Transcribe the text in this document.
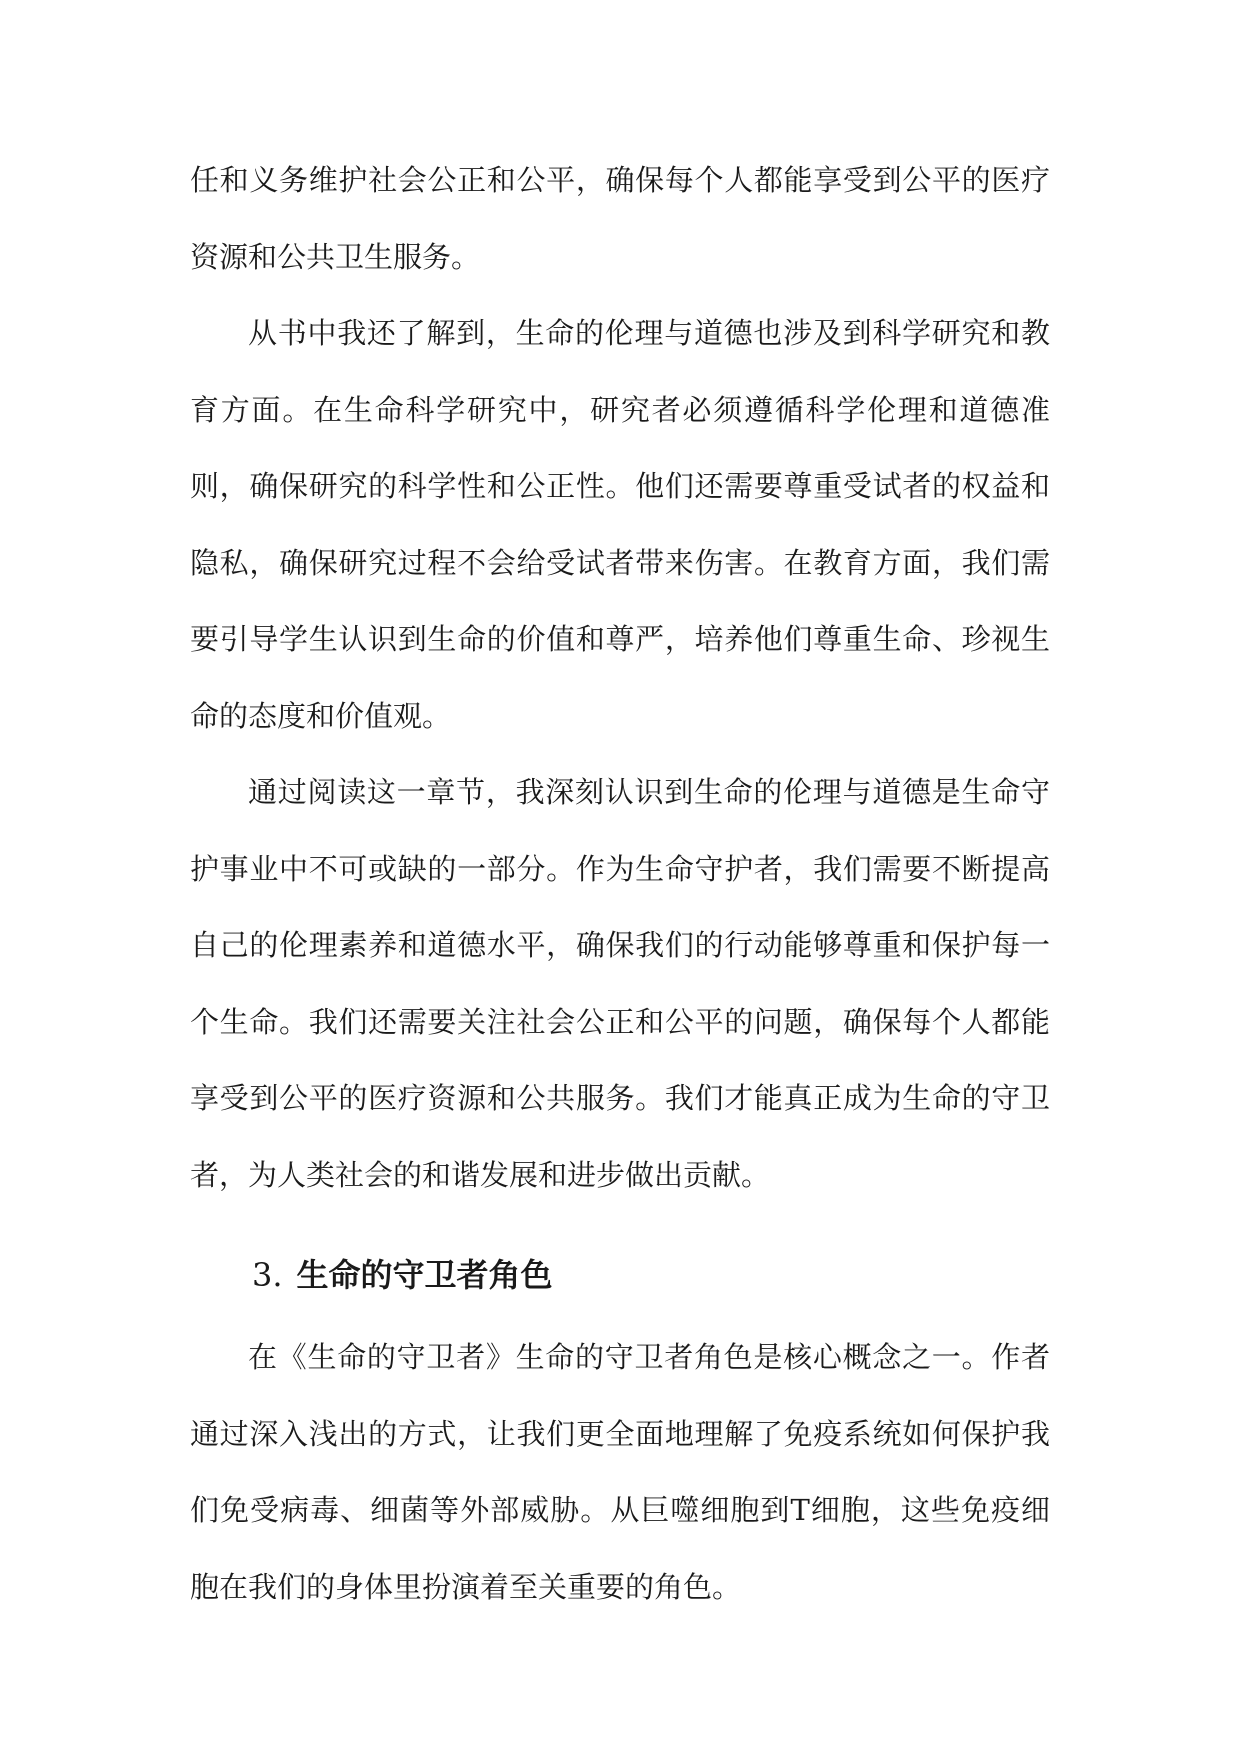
任和义务维护社会公正和公平，确保每个人都能享受到公平的医疗资源和公共卫生服务。

从书中我还了解到，生命的伦理与道德也涉及到科学研究和教育方面。在生命科学研究中，研究者必须遵循科学伦理和道德准则，确保研究的科学性和公正性。他们还需要尊重受试者的权益和隐私，确保研究过程不会给受试者带来伤害。在教育方面，我们需要引导学生认识到生命的价值和尊严，培养他们尊重生命、珍视生命的态度和价值观。

通过阅读这一章节，我深刻认识到生命的伦理与道德是生命守护事业中不可或缺的一部分。作为生命守护者，我们需要不断提高自己的伦理素养和道德水平，确保我们的行动能够尊重和保护每一个生命。我们还需要关注社会公正和公平的问题，确保每个人都能享受到公平的医疗资源和公共服务。我们才能真正成为生命的守卫者，为人类社会的和谐发展和进步做出贡献。

3. 生命的守卫者角色

在《生命的守卫者》生命的守卫者角色是核心概念之一。作者通过深入浅出的方式，让我们更全面地理解了免疫系统如何保护我们免受病毒、细菌等外部威胁。从巨噬细胞到T细胞，这些免疫细胞在我们的身体里扮演着至关重要的角色。
